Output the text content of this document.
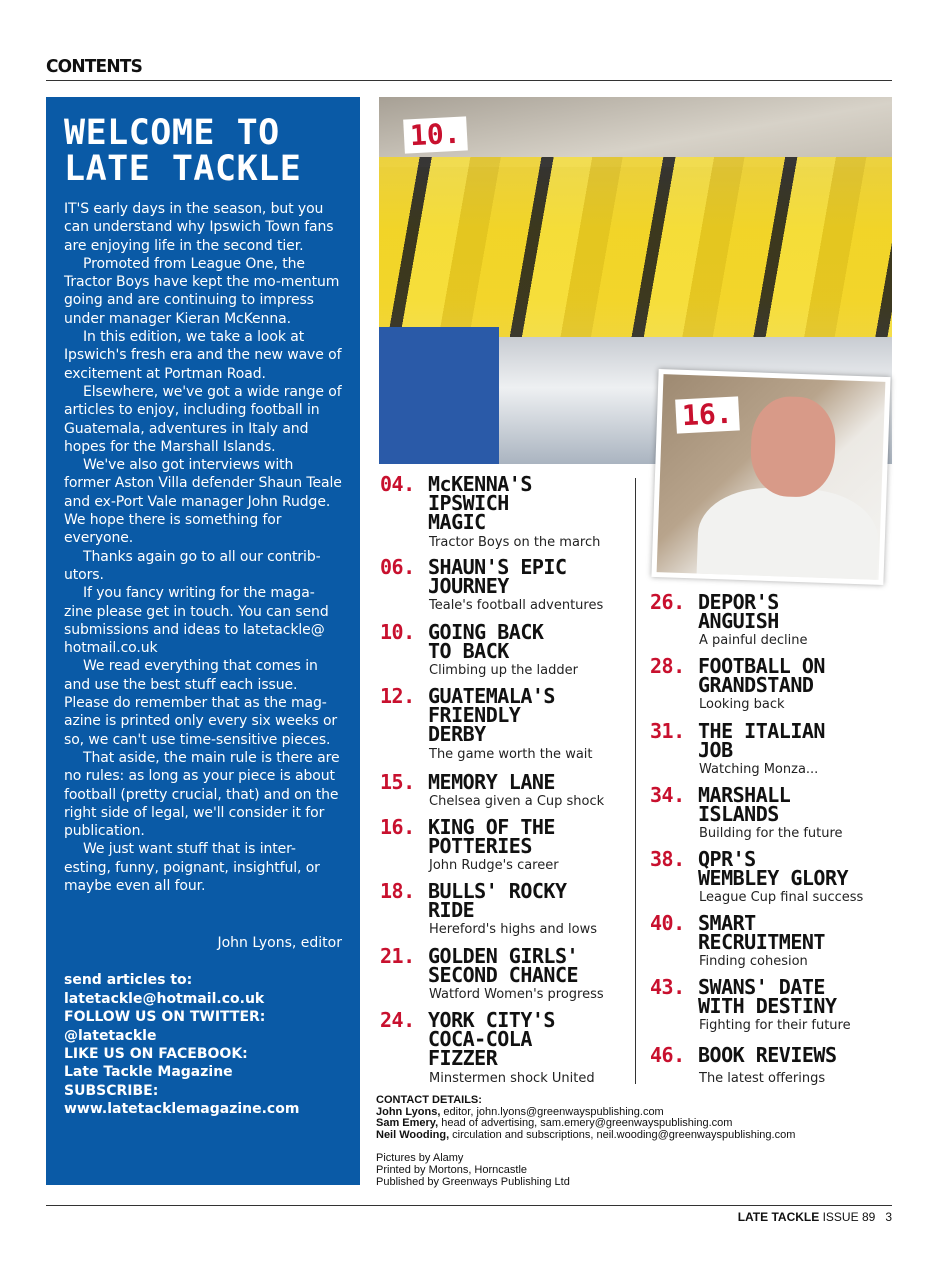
CONTENTS
WELCOME TO
LATE TACKLE

IT'S early days in the season, but you can understand why Ipswich Town fans are enjoying life in the second tier.

Promoted from League One, the Tractor Boys have kept the mo-mentum going and are continuing to impress under manager Kieran McKenna.

In this edition, we take a look at Ipswich's fresh era and the new wave of excitement at Portman Road.

Elsewhere, we've got a wide range of articles to enjoy, including football in Guatemala, adventures in Italy and hopes for the Marshall Islands.

We've also got interviews with former Aston Villa defender Shaun Teale and ex-Port Vale manager John Rudge. We hope there is something for everyone.

Thanks again go to all our contrib-utors.

If you fancy writing for the maga-zine please get in touch. You can send submissions and ideas to latetackle@ hotmail.co.uk

We read everything that comes in and use the best stuff each issue. Please do remember that as the mag-azine is printed only every six weeks or so, we can't use time-sensitive pieces.

That aside, the main rule is there are no rules: as long as your piece is about football (pretty crucial, that) and on the right side of legal, we'll consider it for publication.

We just want stuff that is inter-esting, funny, poignant, insightful, or maybe even all four.

John Lyons, editor
send articles to:
latetackle@hotmail.co.uk
FOLLOW US ON TWITTER:
@latetackle
LIKE US ON FACEBOOK:
Late Tackle Magazine
SUBSCRIBE:
www.latetacklemagazine.com
10.
16.
04. McKENNA'S
IPSWICH
MAGIC
Tractor Boys on the march
06. SHAUN'S EPIC
JOURNEY
Teale's football adventures
10. GOING BACK
TO BACK
Climbing up the ladder
12. GUATEMALA'S
FRIENDLY
DERBY
The game worth the wait
15. MEMORY LANE
Chelsea given a Cup shock
16. KING OF THE
POTTERIES
John Rudge's career
18. BULLS' ROCKY
RIDE
Hereford's highs and lows
21. GOLDEN GIRLS'
SECOND CHANCE
Watford Women's progress
24. YORK CITY'S
COCA-COLA
FIZZER
Minstermen shock United
26. DEPOR'S
ANGUISH
A painful decline
28. FOOTBALL ON
GRANDSTAND
Looking back
31. THE ITALIAN
JOB
Watching Monza...
34. MARSHALL
ISLANDS
Building for the future
38. QPR'S
WEMBLEY GLORY
League Cup final success
40. SMART
RECRUITMENT
Finding cohesion
43. SWANS' DATE
WITH DESTINY
Fighting for their future
46. BOOK REVIEWS
The latest offerings
CONTACT DETAILS:
John Lyons, editor, john.lyons@greenwayspublishing.com
Sam Emery, head of advertising, sam.emery@greenwayspublishing.com
Neil Wooding, circulation and subscriptions, neil.wooding@greenwayspublishing.com
Pictures by Alamy
Printed by Mortons, Horncastle
Published by Greenways Publishing Ltd
LATE TACKLE ISSUE 89 3
